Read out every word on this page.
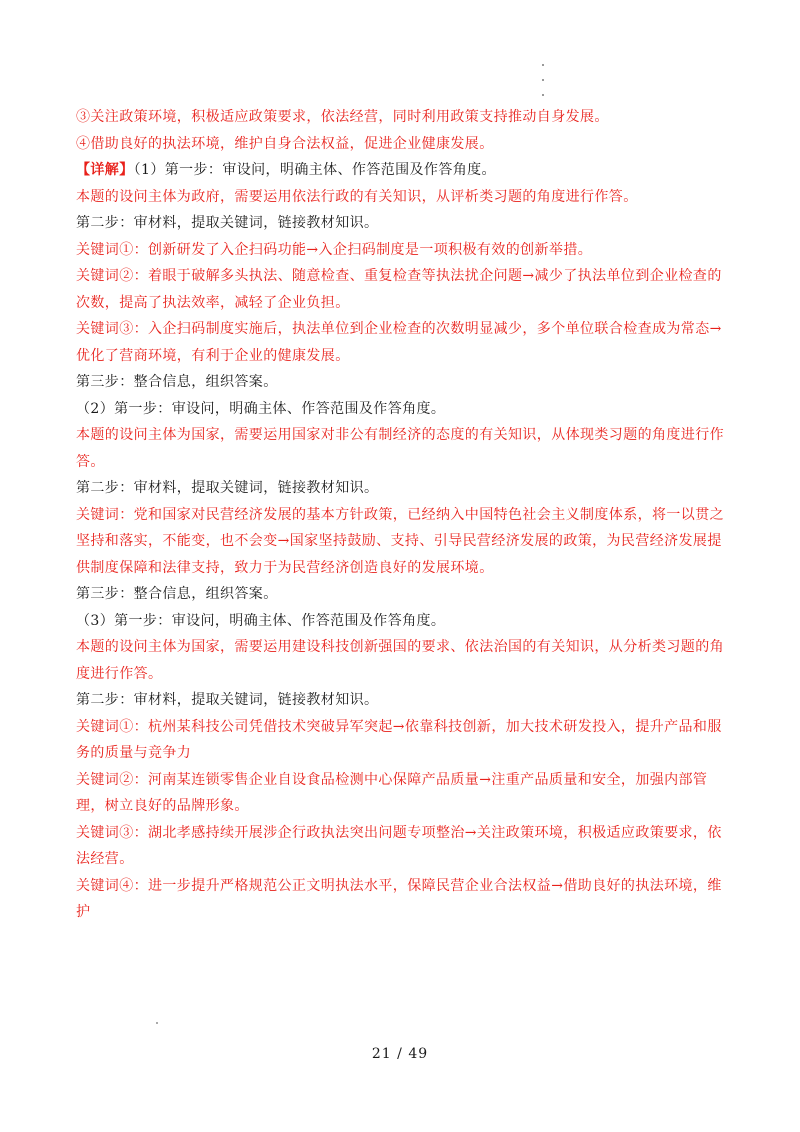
③关注政策环境，积极适应政策要求，依法经营，同时利用政策支持推动自身发展。
④借助良好的执法环境，维护自身合法权益，促进企业健康发展。
【详解】（1）第一步：审设问，明确主体、作答范围及作答角度。
本题的设问主体为政府，需要运用依法行政的有关知识，从评析类习题的角度进行作答。
第二步：审材料，提取关键词，链接教材知识。
关键词①：创新研发了入企扫码功能→入企扫码制度是一项积极有效的创新举措。
关键词②：着眼于破解多头执法、随意检查、重复检查等执法扰企问题→减少了执法单位到企业检查的次数，提高了执法效率，减轻了企业负担。
关键词③：入企扫码制度实施后，执法单位到企业检查的次数明显减少，多个单位联合检查成为常态→优化了营商环境，有利于企业的健康发展。
第三步：整合信息，组织答案。
（2）第一步：审设问，明确主体、作答范围及作答角度。
本题的设问主体为国家，需要运用国家对非公有制经济的态度的有关知识，从体现类习题的角度进行作答。
第二步：审材料，提取关键词，链接教材知识。
关键词：党和国家对民营经济发展的基本方针政策，已经纳入中国特色社会主义制度体系，将一以贯之坚持和落实，不能变，也不会变→国家坚持鼓励、支持、引导民营经济发展的政策，为民营经济发展提供制度保障和法律支持，致力于为民营经济创造良好的发展环境。
第三步：整合信息，组织答案。
（3）第一步：审设问，明确主体、作答范围及作答角度。
本题的设问主体为国家，需要运用建设科技创新强国的要求、依法治国的有关知识，从分析类习题的角度进行作答。
第二步：审材料，提取关键词，链接教材知识。
关键词①：杭州某科技公司凭借技术突破异军突起→依靠科技创新，加大技术研发投入，提升产品和服务的质量与竞争力
关键词②：河南某连锁零售企业自设食品检测中心保障产品质量→注重产品质量和安全，加强内部管理，树立良好的品牌形象。
关键词③：湖北孝感持续开展涉企行政执法突出问题专项整治→关注政策环境，积极适应政策要求，依法经营。
关键词④：进一步提升严格规范公正文明执法水平，保障民营企业合法权益→借助良好的执法环境，维护
21 / 49
